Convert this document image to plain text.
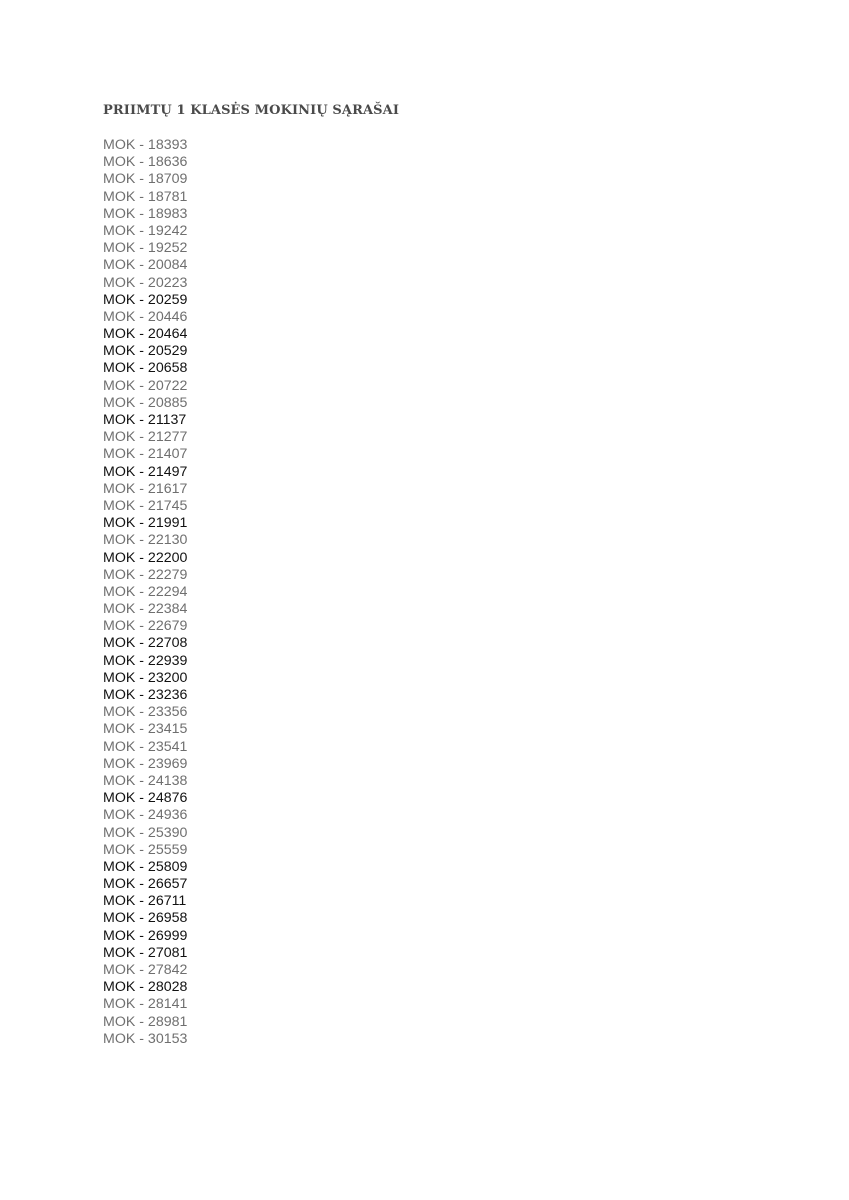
PRIIMTŲ 1 KLASĖS MOKINIŲ SĄRAŠAI
MOK - 18393
MOK - 18636
MOK - 18709
MOK - 18781
MOK - 18983
MOK - 19242
MOK - 19252
MOK - 20084
MOK - 20223
MOK - 20259
MOK - 20446
MOK - 20464
MOK - 20529
MOK - 20658
MOK - 20722
MOK - 20885
MOK - 21137
MOK - 21277
MOK - 21407
MOK - 21497
MOK - 21617
MOK - 21745
MOK - 21991
MOK - 22130
MOK - 22200
MOK - 22279
MOK - 22294
MOK - 22384
MOK - 22679
MOK - 22708
MOK - 22939
MOK - 23200
MOK - 23236
MOK - 23356
MOK - 23415
MOK - 23541
MOK - 23969
MOK - 24138
MOK - 24876
MOK - 24936
MOK - 25390
MOK - 25559
MOK - 25809
MOK - 26657
MOK - 26711
MOK - 26958
MOK - 26999
MOK - 27081
MOK - 27842
MOK - 28028
MOK - 28141
MOK - 28981
MOK - 30153
